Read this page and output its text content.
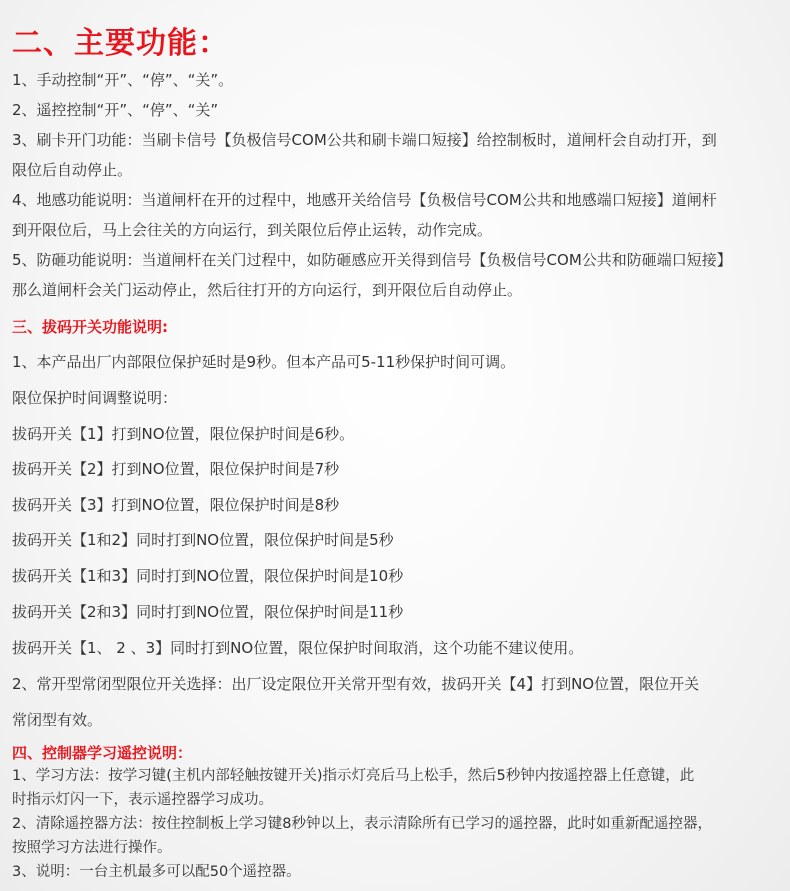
二、主要功能：

1、手动控制“开”、“停”、“关”。

2、遥控控制“开”、“停”、“关”

3、刷卡开门功能：当刷卡信号【负极信号COM公共和刷卡端口短接】给控制板时，道闸杆会自动打开，到

限位后自动停止。

4、地感功能说明：当道闸杆在开的过程中，地感开关给信号【负极信号COM公共和地感端口短接】道闸杆

到开限位后，马上会往关的方向运行，到关限位后停止运转，动作完成。

5、防砸功能说明：当道闸杆在关门过程中，如防砸感应开关得到信号【负极信号COM公共和防砸端口短接】

那么道闸杆会关门运动停止，然后往打开的方向运行，到开限位后自动停止。

三、拔码开关功能说明:

1、本产品出厂内部限位保护延时是9秒。但本产品可5-11秒保护时间可调。

限位保护时间调整说明：

拔码开关【1】打到NO位置，限位保护时间是6秒。

拔码开关【2】打到NO位置，限位保护时间是7秒

拔码开关【3】打到NO位置，限位保护时间是8秒

拔码开关【1和2】同时打到NO位置，限位保护时间是5秒

拔码开关【1和3】同时打到NO位置，限位保护时间是10秒

拔码开关【2和3】同时打到NO位置，限位保护时间是11秒

拔码开关【1、 2 、3】同时打到NO位置，限位保护时间取消，这个功能不建议使用。

2、常开型常闭型限位开关选择：出厂设定限位开关常开型有效，拔码开关【4】打到NO位置，限位开关

常闭型有效。

四、控制器学习遥控说明：

1、学习方法：按学习键(主机内部轻触按键开关)指示灯亮后马上松手，然后5秒钟内按遥控器上任意键，此

时指示灯闪一下，表示遥控器学习成功。

2、清除遥控器方法：按住控制板上学习键8秒钟以上，表示清除所有已学习的遥控器，此时如重新配遥控器，

按照学习方法进行操作。

3、说明：一台主机最多可以配50个遥控器。
